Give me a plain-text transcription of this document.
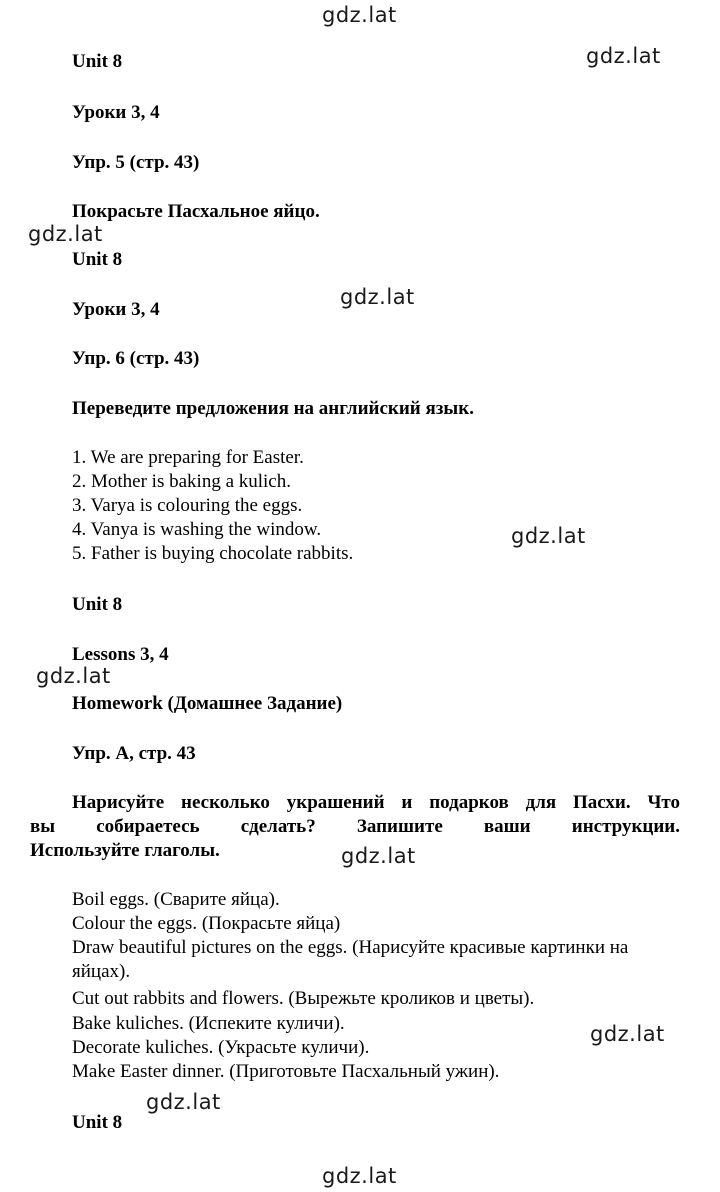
gdz.lat
gdz.lat
gdz.lat
gdz.lat
gdz.lat
gdz.lat
gdz.lat
gdz.lat
gdz.lat
gdz.lat
Unit 8
Уроки 3, 4
Упр. 5 (стр. 43)
Покрасьте Пасхальное яйцо.
Unit 8
Уроки 3, 4
Упр. 6 (стр. 43)
Переведите предложения на английский язык.
1. We are preparing for Easter.
2. Mother is baking a kulich.
3. Varya is colouring the eggs.
4. Vanya is washing the window.
5. Father is buying chocolate rabbits.
Unit 8
Lessons 3, 4
Homework (Домашнее Задание)
Упр. А, стр. 43
Нарисуйте несколько украшений и подарков для Пасхи. Что
вы собираетесь сделать? Запишите ваши инструкции.
Используйте глаголы.
Boil eggs. (Сварите яйца).
Colour the eggs. (Покрасьте яйца)
Draw beautiful pictures on the eggs. (Нарисуйте красивые картинки на яйцах).
Cut out rabbits and flowers. (Вырежьте кроликов и цветы).
Bake kuliches. (Испеките куличи).
Decorate kuliches. (Украсьте куличи).
Make Easter dinner. (Приготовьте Пасхальный ужин).
Unit 8
